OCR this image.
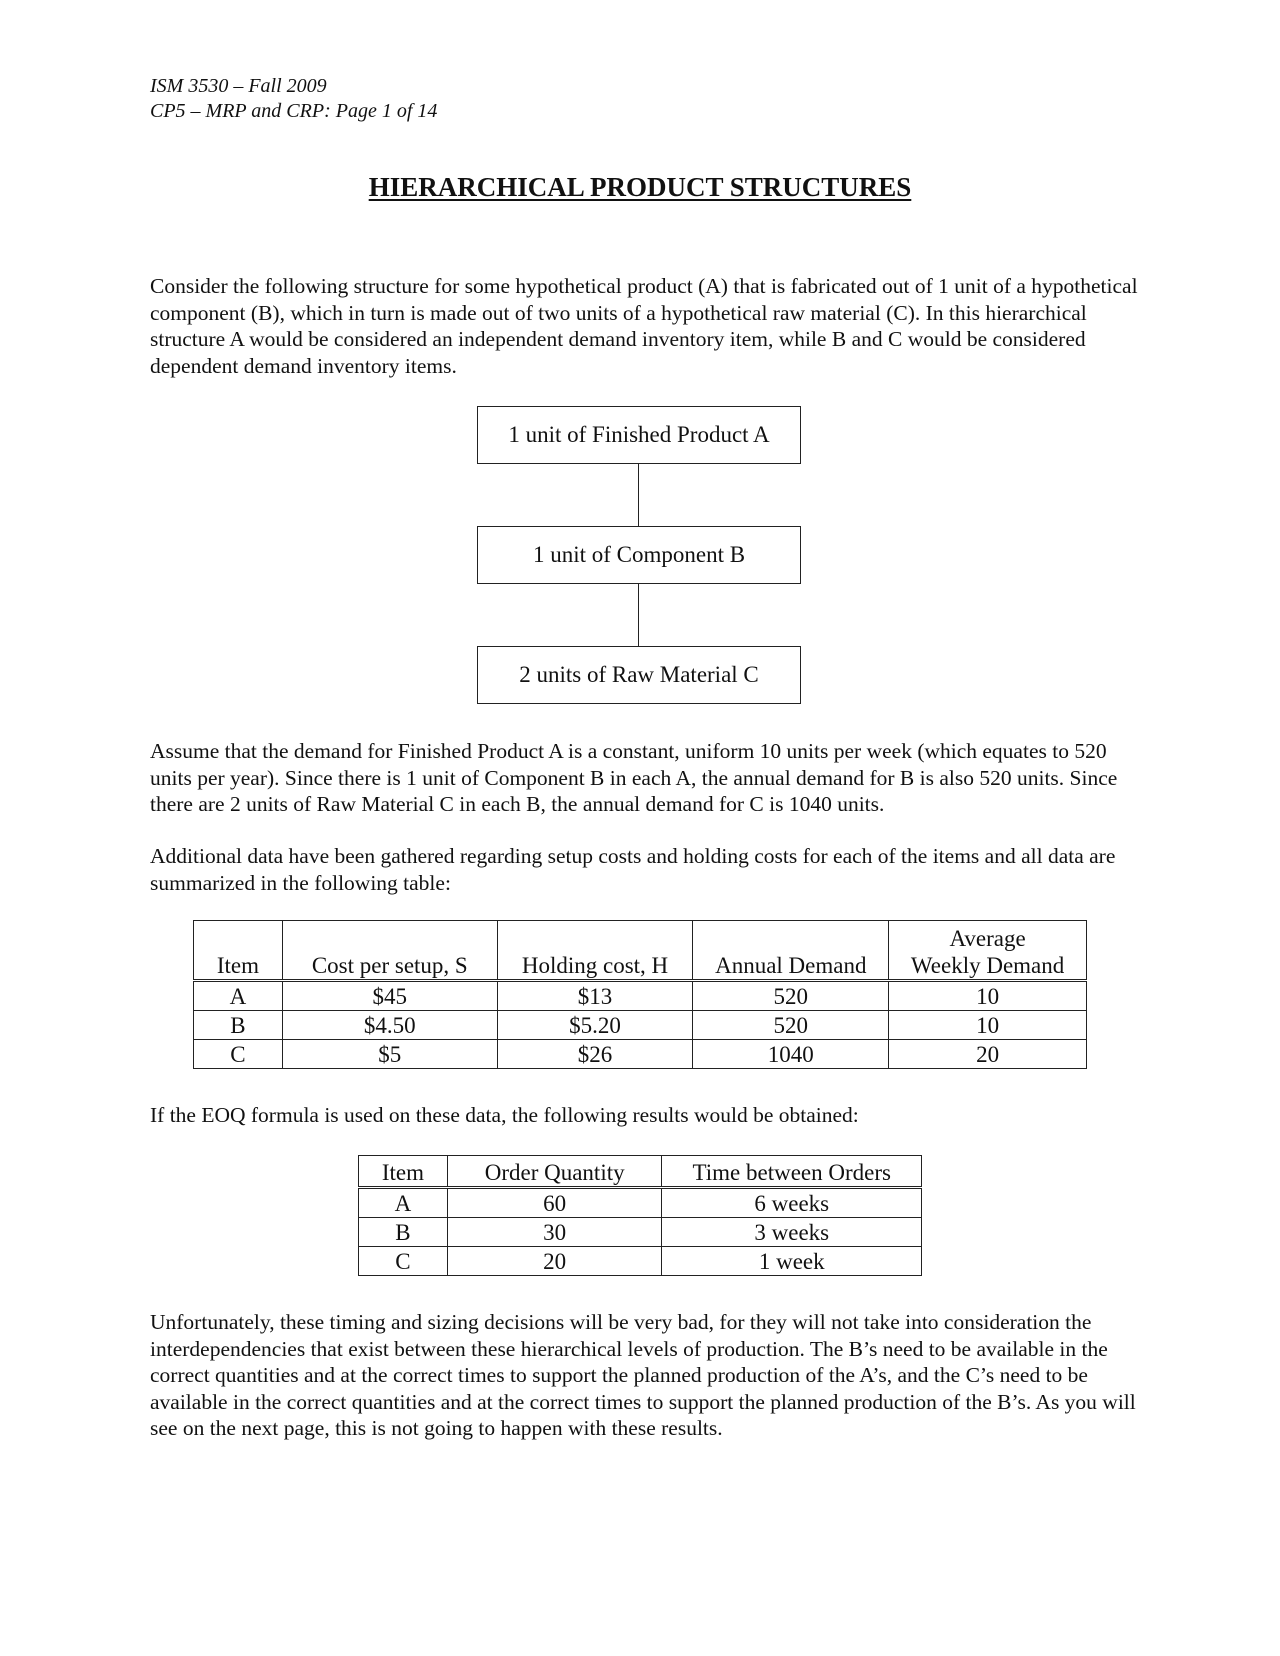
ISM 3530 – Fall 2009
CP5 – MRP and CRP: Page 1 of 14
HIERARCHICAL PRODUCT STRUCTURES

Consider the following structure for some hypothetical product (A) that is fabricated out of 1 unit of a hypothetical component (B), which in turn is made out of two units of a hypothetical raw material (C). In this hierarchical structure A would be considered an independent demand inventory item, while B and C would be considered dependent demand inventory items.

1 unit of Finished Product A
1 unit of Component B
2 units of Raw Material C

Assume that the demand for Finished Product A is a constant, uniform 10 units per week (which equates to 520 units per year). Since there is 1 unit of Component B in each A, the annual demand for B is also 520 units. Since there are 2 units of Raw Material C in each B, the annual demand for C is 1040 units.

Additional data have been gathered regarding setup costs and holding costs for each of the items and all data are summarized in the following table:

Item	Cost per setup, S	Holding cost, H	Annual Demand	Average
Weekly Demand

A	$45	$13	520	10
B	$4.50	$5.20	520	10
C	$5	$26	1040	20

If the EOQ formula is used on these data, the following results would be obtained:

Item	Order Quantity	Time between Orders
A	60	6 weeks
B	30	3 weeks
C	20	1 week

Unfortunately, these timing and sizing decisions will be very bad, for they will not take into consideration the interdependencies that exist between these hierarchical levels of production. The B’s need to be available in the correct quantities and at the correct times to support the planned production of the A’s, and the C’s need to be available in the correct quantities and at the correct times to support the planned production of the B’s. As you will see on the next page, this is not going to happen with these results.
